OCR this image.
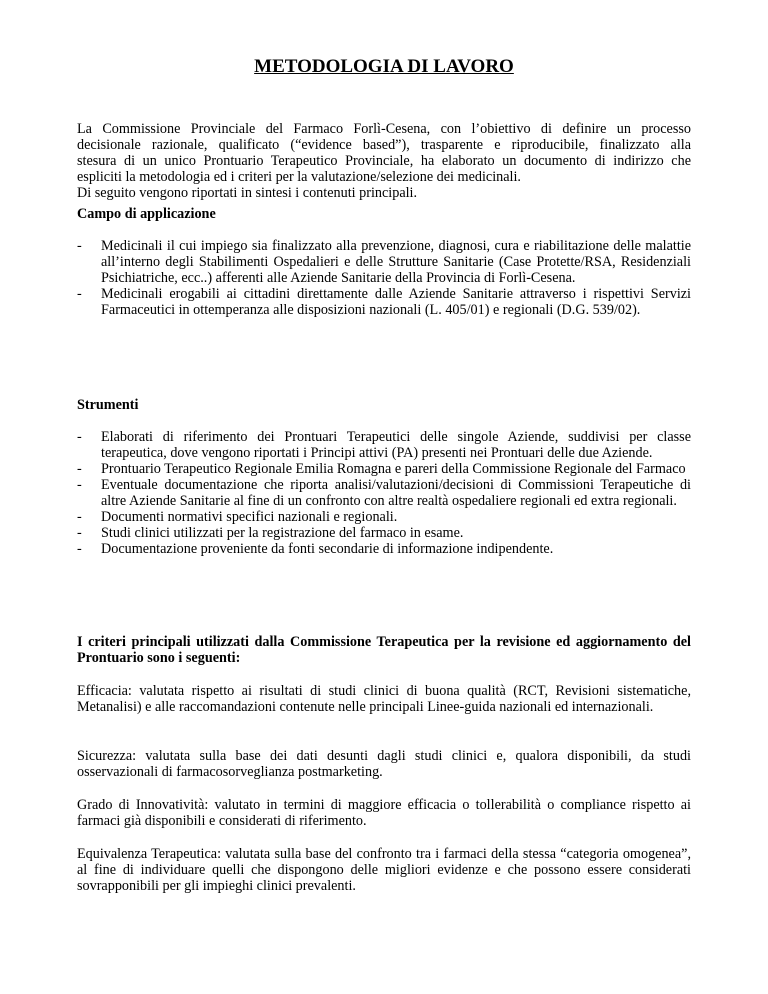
METODOLOGIA DI LAVORO
La Commissione Provinciale del Farmaco Forlì-Cesena, con l’obiettivo di definire un processo
decisionale razionale, qualificato (“evidence based”), trasparente e riproducibile, finalizzato alla
stesura di un unico Prontuario Terapeutico Provinciale, ha elaborato un documento di indirizzo che
espliciti la metodologia ed i criteri per la valutazione/selezione dei medicinali.
Di seguito vengono riportati in sintesi i contenuti principali.
Campo di applicazione
- Medicinali il cui impiego sia finalizzato alla prevenzione, diagnosi, cura e riabilitazione delle malattie all’interno degli Stabilimenti Ospedalieri e delle Strutture Sanitarie (Case Protette/RSA, Residenziali Psichiatriche, ecc..) afferenti alle Aziende Sanitarie della Provincia di Forlì-Cesena.
- Medicinali erogabili ai cittadini direttamente dalle Aziende Sanitarie attraverso i rispettivi Servizi Farmaceutici in ottemperanza alle disposizioni nazionali (L. 405/01) e regionali (D.G. 539/02).
Strumenti
- Elaborati di riferimento dei Prontuari Terapeutici delle singole Aziende, suddivisi per classe terapeutica, dove vengono riportati i Principi attivi (PA) presenti nei Prontuari delle due Aziende.
- Prontuario Terapeutico Regionale Emilia Romagna e pareri della Commissione Regionale del Farmaco
- Eventuale documentazione che riporta analisi/valutazioni/decisioni di Commissioni Terapeutiche di altre Aziende Sanitarie al fine di un confronto con altre realtà ospedaliere regionali ed extra regionali.
- Documenti normativi specifici nazionali e regionali.
- Studi clinici utilizzati per la registrazione del farmaco in esame.
- Documentazione proveniente da fonti secondarie di informazione indipendente.
I criteri principali utilizzati dalla Commissione Terapeutica per la revisione ed aggiornamento del Prontuario sono i seguenti:

Efficacia: valutata rispetto ai risultati di studi clinici di buona qualità (RCT, Revisioni sistematiche, Metanalisi) e alle raccomandazioni contenute nelle principali Linee-guida nazionali ed internazionali.

Sicurezza: valutata sulla base dei dati desunti dagli studi clinici e, qualora disponibili, da studi osservazionali di farmacosorveglianza postmarketing.

Grado di Innovatività: valutato in termini di maggiore efficacia o tollerabilità o compliance rispetto ai farmaci già disponibili e considerati di riferimento.

Equivalenza Terapeutica: valutata sulla base del confronto tra i farmaci della stessa “categoria omogenea”, al fine di individuare quelli che dispongono delle migliori evidenze e che possono essere considerati sovrapponibili per gli impieghi clinici prevalenti.
